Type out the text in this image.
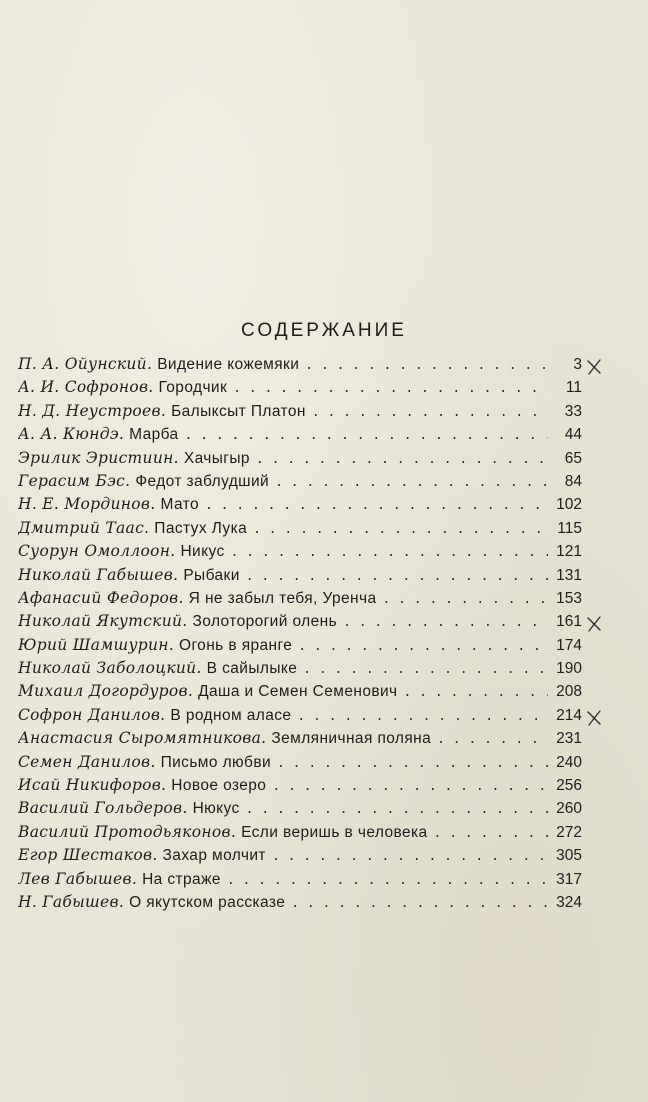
СОДЕРЖАНИЕ
П. А. Ойунский. Видение кожемяки . . .	3
А. И. Софронов. Городчик . . .	11
Н. Д. Неустроев. Балыксыт Платон . . .	33
А. А. Кюндэ. Марба . . .	44
Эрилик Эристиин. Хачыгыр . . .	65
Герасим Бэс. Федот заблудший . . .	84
Н. Е. Мординов. Мато . . .	102
Дмитрий Таас. Пастух Лука . . .	115
Суорун Омоллоон. Никус . . .	121
Николай Габышев. Рыбаки . . .	131
Афанасий Федоров. Я не забыл тебя, Уренча . . .	153
Николай Якутский. Золоторогий олень . . .	161
Юрий Шамшурин. Огонь в яранге . . .	174
Николай Заболоцкий. В сайылыке . . .	190
Михаил Догордуров. Даша и Семен Семенович . . .	208
Софрон Данилов. В родном аласе . . .	214
Анастасия Сыромятникова. Земляничная поляна . . .	231
Семен Данилов. Письмо любви . . .	240
Исай Никифоров. Новое озеро . . .	256
Василий Гольдеров. Нюкус . . .	260
Василий Протодьяконов. Если веришь в человека . . .	272
Егор Шестаков. Захар молчит . . .	305
Лев Габышев. На страже . . .	317
Н. Габышев. О якутском рассказе . . .	324
